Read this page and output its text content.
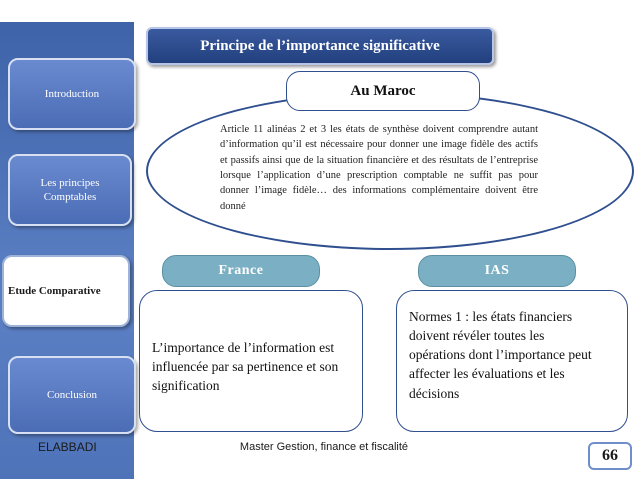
Introduction
Les principes Comptables
Etude Comparative
Conclusion
Principe de l’importance significative
Au Maroc
Article 11 alinéas 2 et 3 les états de synthèse doivent comprendre autant d’information qu’il est nécessaire pour donner une image fidèle des actifs et passifs ainsi que de la situation financière et des résultats de l’entreprise lorsque l’application d’une prescription comptable ne suffit pas pour donner l’image fidèle… des informations complémentaire doivent être donné
France	IAS
L’importance de l’information est influencée par sa pertinence et son signification
Normes 1 : les états financiers doivent révéler toutes les opérations dont l’importance peut affecter les évaluations et les décisions
ELABBADI	Master Gestion, finance et fiscalité	66
